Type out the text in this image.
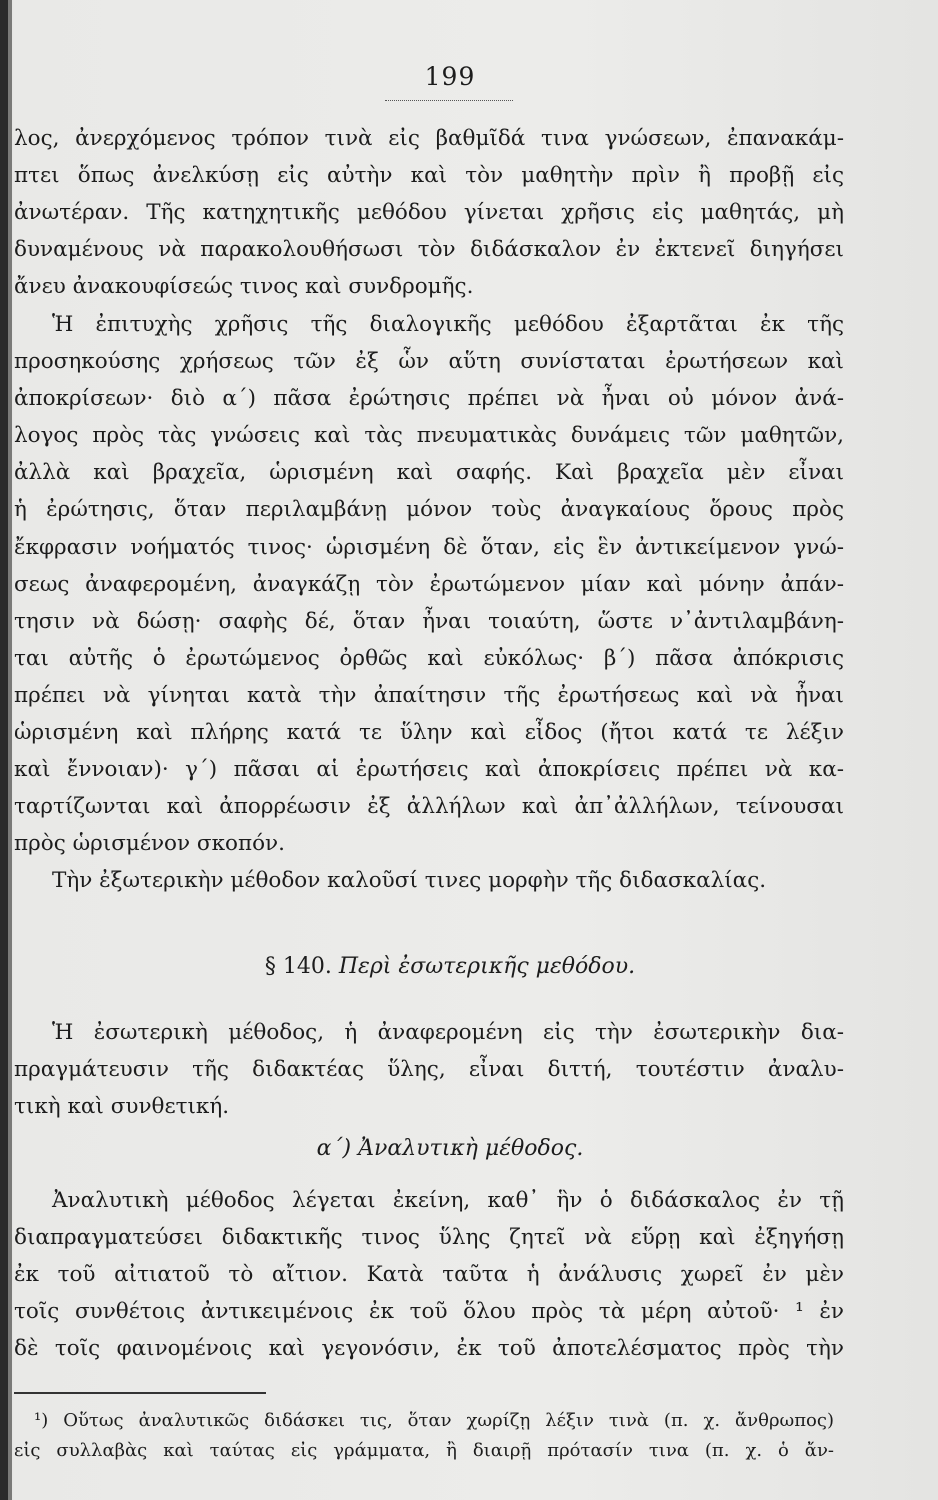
199
λος, ἀνερχόμενος τρόπον τινὰ εἰς βαθμῖδά τινα γνώσεων, ἐπανακάμ-
πτει ὅπως ἀνελκύσῃ εἰς αὐτὴν καὶ τὸν μαθητὴν πρὶν ἢ προβῇ εἰς
ἀνωτέραν. Τῆς κατηχητικῆς μεθόδου γίνεται χρῆσις εἰς μαθητάς, μὴ
δυναμένους νὰ παρακολουθήσωσι τὸν διδάσκαλον ἐν ἐκτενεῖ διηγήσει
ἄνευ ἀνακουφίσεώς τινος καὶ συνδρομῆς.
Ἡ ἐπιτυχὴς χρῆσις τῆς διαλογικῆς μεθόδου ἐξαρτᾶται ἐκ τῆς
προσηκούσης χρήσεως τῶν ἐξ ὧν αὕτη συνίσταται ἐρωτήσεων καὶ
ἀποκρίσεων· διὸ α΄) πᾶσα ἐρώτησις πρέπει νὰ ἦναι οὐ μόνον ἀνά-
λογος πρὸς τὰς γνώσεις καὶ τὰς πνευματικὰς δυνάμεις τῶν μαθητῶν,
ἀλλὰ καὶ βραχεῖα, ὡρισμένη καὶ σαφής. Καὶ βραχεῖα μὲν εἶναι
ἡ ἐρώτησις, ὅταν περιλαμβάνῃ μόνον τοὺς ἀναγκαίους ὅρους πρὸς
ἔκφρασιν νοήματός τινος· ὡρισμένη δὲ ὅταν, εἰς ἓν ἀντικείμενον γνώ-
σεως ἀναφερομένη, ἀναγκάζῃ τὸν ἐρωτώμενον μίαν καὶ μόνην ἀπάν-
τησιν νὰ δώσῃ· σαφὴς δέ, ὅταν ἦναι τοιαύτη, ὥστε ν᾽ἀντιλαμβάνη-
ται αὐτῆς ὁ ἐρωτώμενος ὀρθῶς καὶ εὐκόλως· β΄) πᾶσα ἀπόκρισις
πρέπει νὰ γίνηται κατὰ τὴν ἀπαίτησιν τῆς ἐρωτήσεως καὶ νὰ ἦναι
ὡρισμένη καὶ πλήρης κατά τε ὕλην καὶ εἶδος (ἤτοι κατά τε λέξιν
καὶ ἔννοιαν)· γ΄) πᾶσαι αἱ ἐρωτήσεις καὶ ἀποκρίσεις πρέπει νὰ κα-
ταρτίζωνται καὶ ἀπορρέωσιν ἐξ ἀλλήλων καὶ ἀπ᾽ἀλλήλων, τείνουσαι
πρὸς ὡρισμένον σκοπόν.
Τὴν ἐξωτερικὴν μέθοδον καλοῦσί τινες μορφὴν τῆς διδασκαλίας.
§ 140. Περὶ ἐσωτερικῆς μεθόδου.
Ἡ ἐσωτερικὴ μέθοδος, ἡ ἀναφερομένη εἰς τὴν ἐσωτερικὴν δια-
πραγμάτευσιν τῆς διδακτέας ὕλης, εἶναι διττή, τουτέστιν ἀναλυ-
τικὴ καὶ συνθετική.
α΄) Ἀναλυτικὴ μέθοδος.
Ἀναλυτικὴ μέθοδος λέγεται ἐκείνη, καθ᾽ ἣν ὁ διδάσκαλος ἐν τῇ
διαπραγματεύσει διδακτικῆς τινος ὕλης ζητεῖ νὰ εὕρῃ καὶ ἐξηγήσῃ
ἐκ τοῦ αἰτιατοῦ τὸ αἴτιον. Κατὰ ταῦτα ἡ ἀνάλυσις χωρεῖ ἐν μὲν
τοῖς συνθέτοις ἀντικειμένοις ἐκ τοῦ ὅλου πρὸς τὰ μέρη αὐτοῦ· ¹ ἐν
δὲ τοῖς φαινομένοις καὶ γεγονόσιν, ἐκ τοῦ ἀποτελέσματος πρὸς τὴν
¹) Οὕτως ἀναλυτικῶς διδάσκει τις, ὅταν χωρίζῃ λέξιν τινὰ (π. χ. ἄνθρωπος)
εἰς συλλαβὰς καὶ ταύτας εἰς γράμματα, ἢ διαιρῇ πρότασίν τινα (π. χ. ὁ ἄν-
